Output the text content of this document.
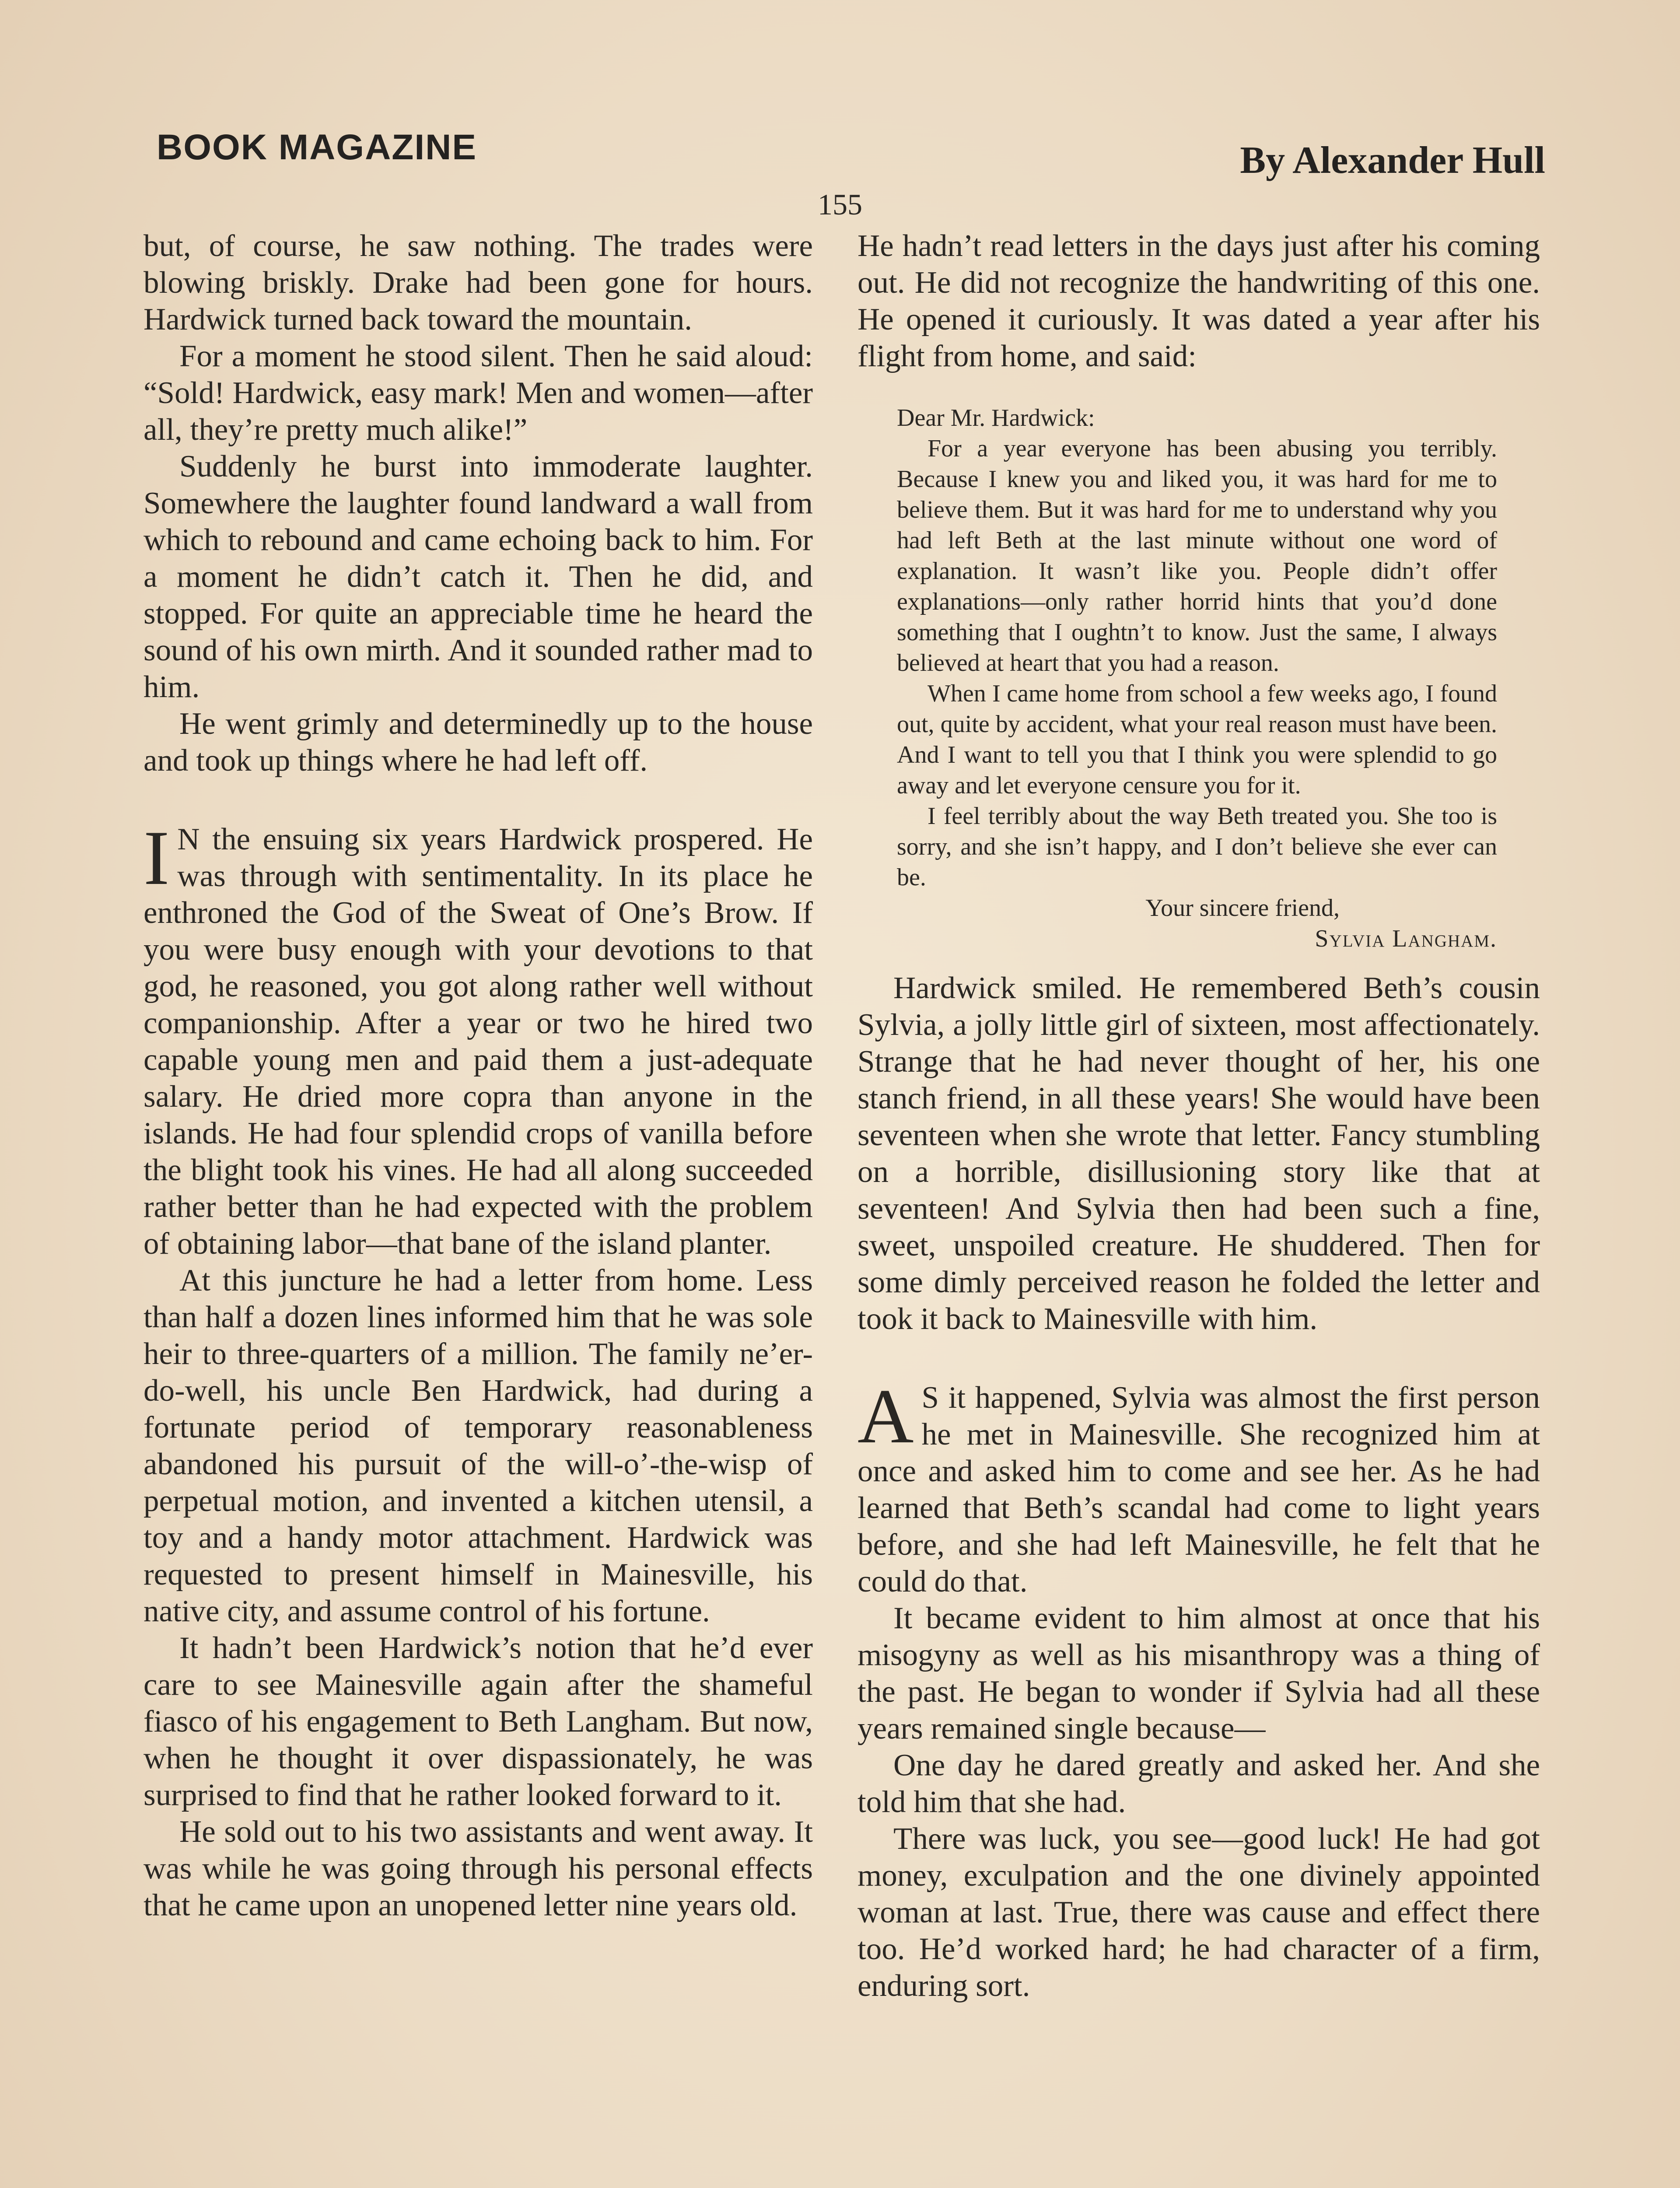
BOOK MAGAZINE	By Alexander Hull
155

but, of course, he saw nothing. The trades were blowing briskly. Drake had been gone for hours. Hardwick turned back toward the mountain.

For a moment he stood silent. Then he said aloud: “Sold! Hardwick, easy mark! Men and women—after all, they’re pretty much alike!”

Suddenly he burst into immoderate laughter. Somewhere the laughter found landward a wall from which to rebound and came echoing back to him. For a moment he didn’t catch it. Then he did, and stopped. For quite an appreciable time he heard the sound of his own mirth. And it sounded rather mad to him.

He went grimly and determinedly up to the house and took up things where he had left off.

I N the ensuing six years Hardwick prospered. He was through with sentimentality. In its place he enthroned the God of the Sweat of One’s Brow. If you were busy enough with your devotions to that god, he reasoned, you got along rather well without companionship. After a year or two he hired two capable young men and paid them a just-adequate salary. He dried more copra than anyone in the islands. He had four splendid crops of vanilla before the blight took his vines. He had all along succeeded rather better than he had expected with the problem of obtaining labor—that bane of the island planter.

At this juncture he had a letter from home. Less than half a dozen lines informed him that he was sole heir to three-quarters of a million. The family ne’er-do-well, his uncle Ben Hardwick, had during a fortunate period of temporary reasonableness abandoned his pursuit of the will-o’-the-wisp of perpetual motion, and invented a kitchen utensil, a toy and a handy motor attachment. Hardwick was requested to present himself in Mainesville, his native city, and assume control of his fortune.

It hadn’t been Hardwick’s notion that he’d ever care to see Mainesville again after the shameful fiasco of his engagement to Beth Langham. But now, when he thought it over dispassionately, he was surprised to find that he rather looked forward to it.

He sold out to his two assistants and went away. It was while he was going through his personal effects that he came upon an unopened letter nine years old.

He hadn’t read letters in the days just after his coming out. He did not recognize the handwriting of this one. He opened it curiously. It was dated a year after his flight from home, and said:

Dear Mr. Hardwick:

For a year everyone has been abusing you terribly. Because I knew you and liked you, it was hard for me to believe them. But it was hard for me to understand why you had left Beth at the last minute without one word of explanation. It wasn’t like you. People didn’t offer explanations—only rather horrid hints that you’d done something that I oughtn’t to know. Just the same, I always believed at heart that you had a reason.

When I came home from school a few weeks ago, I found out, quite by accident, what your real reason must have been. And I want to tell you that I think you were splendid to go away and let everyone censure you for it.

I feel terribly about the way Beth treated you. She too is sorry, and she isn’t happy, and I don’t believe she ever can be.

Your sincere friend,

Sylvia Langham.

Hardwick smiled. He remembered Beth’s cousin Sylvia, a jolly little girl of sixteen, most affectionately. Strange that he had never thought of her, his one stanch friend, in all these years! She would have been seventeen when she wrote that letter. Fancy stumbling on a horrible, disillusioning story like that at seventeen! And Sylvia then had been such a fine, sweet, unspoiled creature. He shuddered. Then for some dimly perceived reason he folded the letter and took it back to Mainesville with him.

A S it happened, Sylvia was almost the first person he met in Mainesville. She recognized him at once and asked him to come and see her. As he had learned that Beth’s scandal had come to light years before, and she had left Mainesville, he felt that he could do that.

It became evident to him almost at once that his misogyny as well as his misanthropy was a thing of the past. He began to wonder if Sylvia had all these years remained single because—

One day he dared greatly and asked her. And she told him that she had.

There was luck, you see—good luck! He had got money, exculpation and the one divinely appointed woman at last. True, there was cause and effect there too. He’d worked hard; he had character of a firm, enduring sort.
